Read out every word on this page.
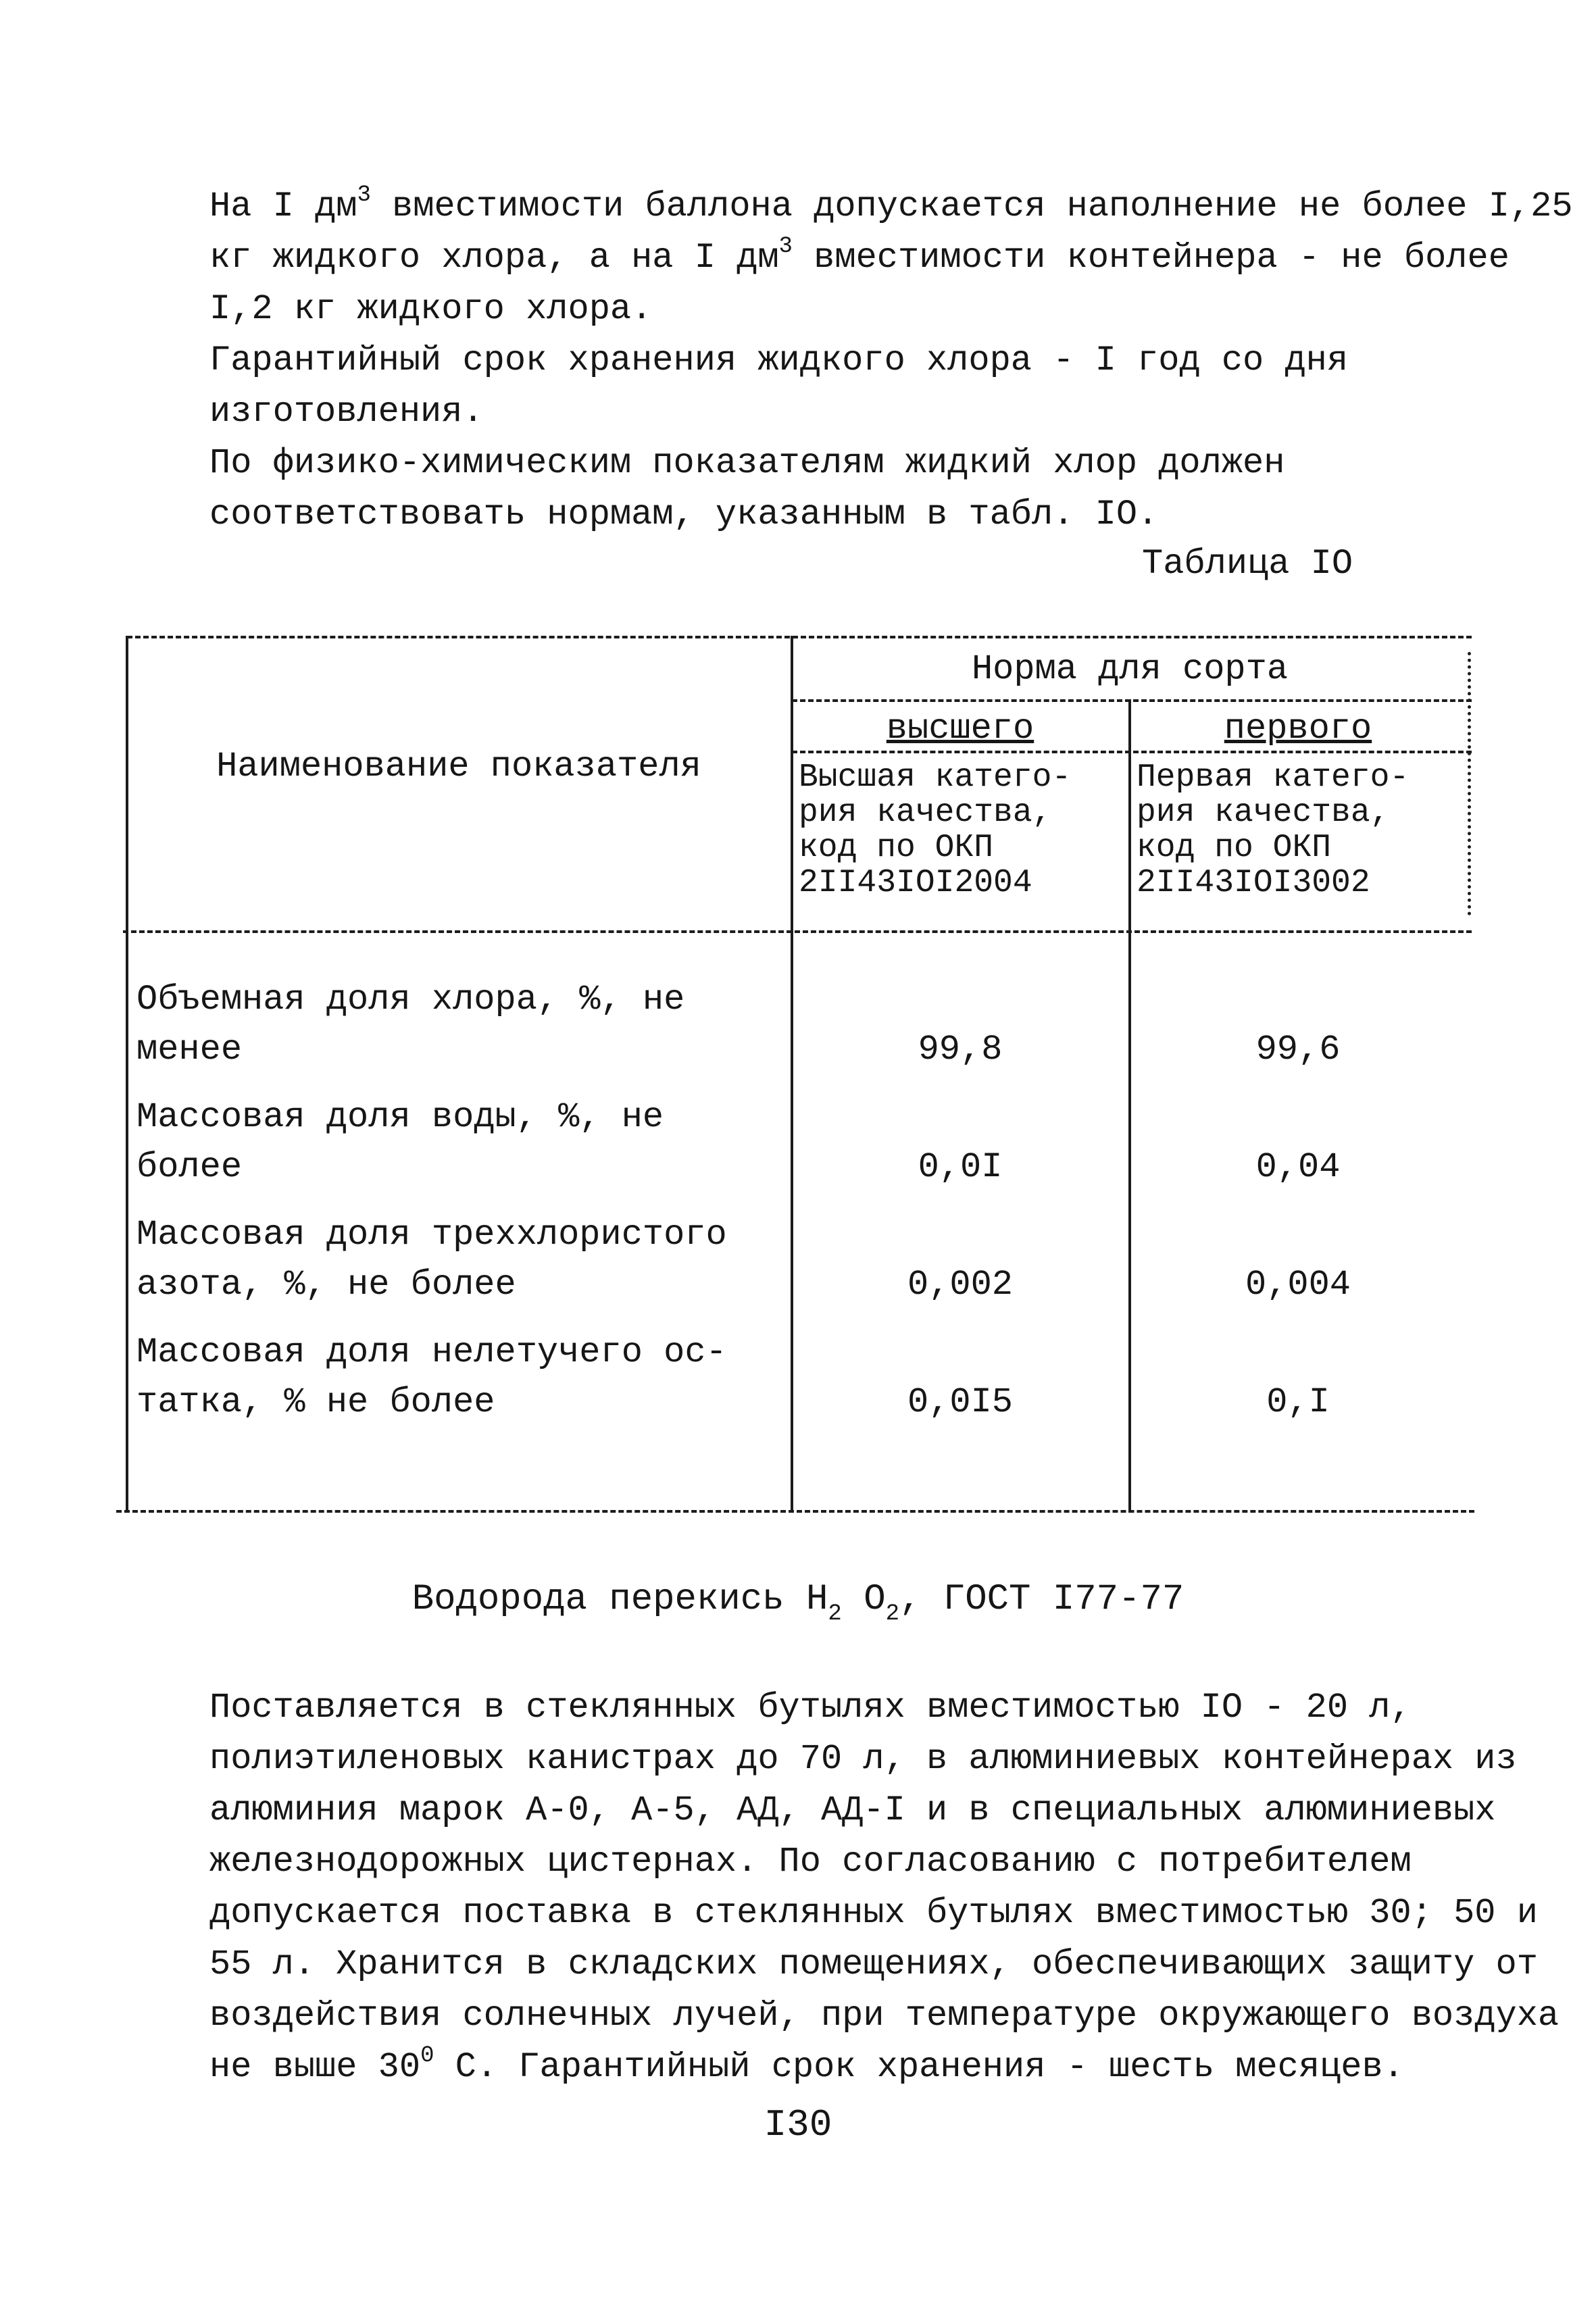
На I $дм^3$ вместимости баллона допускается наполнение не более I,25 кг жидкого хлора, а на I $дм^3$ вместимости контейнера - не более I,2 кг жидкого хлора.

Гарантийный срок хранения жидкого хлора - I год со дня изготовления.

По физико-химическим показателям жидкий хлор должен соответствовать нормам, указанным в табл. IO.

Таблица IO
Наименование показателя
Норма для сорта
высшего	первого
Высшая катего-
рия качества,
код по ОКП
2II43IOI2004
Первая катего-
рия качества,
код по ОКП
2II43IOI3002
Объемная доля хлора, %, не
менее	99,8	99,6
Массовая доля воды, %, не
более	0,0I	0,04
Массовая доля треххлористого
азота, %, не более	0,002	0,004
Массовая доля нелетучего ос-
татка, % не более	0,0I5	0,I
Водорода перекись $H_2$ $O_2$, ГОСТ I77-77

Поставляется в стеклянных бутылях вместимостью IO - 20 л, полиэтиленовых канистрах до 70 л, в алюминиевых контейнерах из алюминия марок А-0, А-5, АД, АД-I и в специальных алюминиевых железнодорожных цистернах. По согласованию с потребителем допускается поставка в стеклянных бутылях вместимостью 30; 50 и 55 л. Хранится в складских помещениях, обеспечивающих защиту от воздействия солнечных лучей, при температуре окружающего воздуха не выше $30^0$ С. Гарантийный срок хранения - шесть месяцев.

I30
